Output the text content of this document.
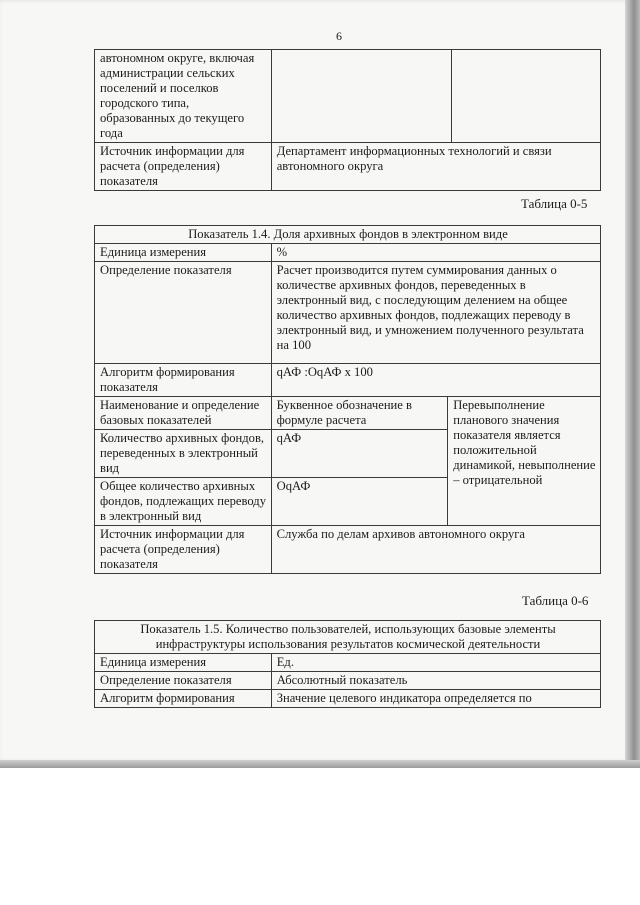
6
автономном округе, включая администрации сельских поселений и поселков городского типа, образованных до текущего года		
Источник информации для расчета (определения) показателя	Департамент информационных технологий и связи автономного округа	
Таблица 0-5
Показатель 1.4. Доля архивных фондов в электронном виде		
Единица измерения	%	
Определение показателя	Расчет производится путем суммирования данных о количестве архивных фондов, переведенных в электронный вид, с последующим делением на общее количество архивных фондов, подлежащих переводу в электронный вид, и умножением полученного результата на 100	
Алгоритм формирования показателя	qАФ :ОqАФ х 100	
Наименование и определение базовых показателей	Буквенное обозначение в формуле расчета	Перевыполнение планового значения показателя является положительной динамикой, невыполнение – отрицательной
Количество архивных фондов, переведенных в электронный вид	qАФ	
Общее количество архивных фондов, подлежащих переводу в электронный вид	ОqАФ	
Источник информации для расчета (определения) показателя	Служба по делам архивов автономного округа	
Таблица 0-6
Показатель 1.5. Количество пользователей, использующих базовые элементы инфраструктуры использования результатов космической деятельности	
Единица измерения	Ед.
Определение показателя	Абсолютный показатель
Алгоритм формирования	Значение целевого индикатора определяется по
